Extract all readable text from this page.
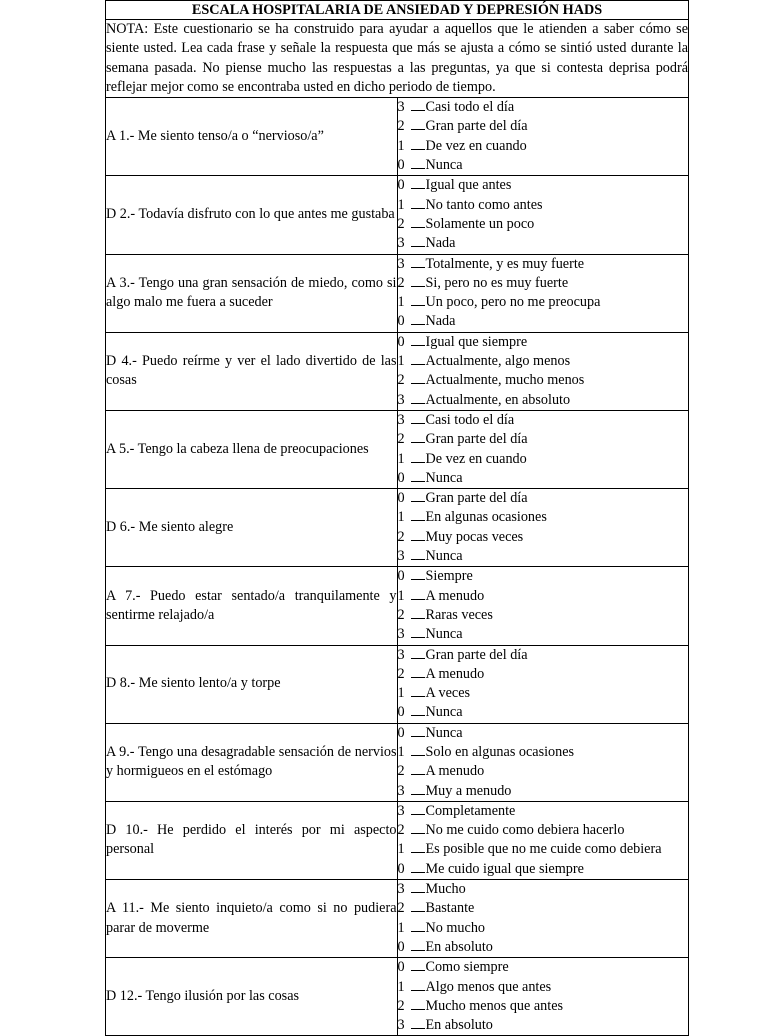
ESCALA HOSPITALARIA DE ANSIEDAD Y DEPRESIÓN HADS	
NOTA: Este cuestionario se ha construido para ayudar a aquellos que le atienden a saber cómo se siente usted. Lea cada frase y señale la respuesta que más se ajusta a cómo se sintió usted durante la semana pasada. No piense mucho las respuestas a las preguntas, ya que si contesta deprisa podrá reflejar mejor como se encontraba usted en dicho periodo de tiempo.	
A 1.- Me siento tenso/a o “nervioso/a”	3 Casi todo el día
2 Gran parte del día
1 De vez en cuando
0 Nunca

D 2.- Todavía disfruto con lo que antes me gustaba	0 Igual que antes
1 No tanto como antes
2 Solamente un poco
3 Nada

A 3.- Tengo una gran sensación de miedo, como si algo malo me fuera a suceder	3 Totalmente, y es muy fuerte
2 Si, pero no es muy fuerte
1 Un poco, pero no me preocupa
0 Nada

D 4.- Puedo reírme y ver el lado divertido de las cosas	0 Igual que siempre
1 Actualmente, algo menos
2 Actualmente, mucho menos
3 Actualmente, en absoluto

A 5.- Tengo la cabeza llena de preocupaciones	3 Casi todo el día
2 Gran parte del día
1 De vez en cuando
0 Nunca

D 6.- Me siento alegre	0 Gran parte del día
1 En algunas ocasiones
2 Muy pocas veces
3 Nunca

A 7.- Puedo estar sentado/a tranquilamente y sentirme relajado/a	0 Siempre
1 A menudo
2 Raras veces
3 Nunca

D 8.- Me siento lento/a y torpe	3 Gran parte del día
2 A menudo
1 A veces
0 Nunca

A 9.- Tengo una desagradable sensación de nervios y hormigueos en el estómago	0 Nunca
1 Solo en algunas ocasiones
2 A menudo
3 Muy a menudo

D 10.- He perdido el interés por mi aspecto personal	3 Completamente
2 No me cuido como debiera hacerlo
1 Es posible que no me cuide como debiera
0 Me cuido igual que siempre

A 11.- Me siento inquieto/a como si no pudiera parar de moverme	3 Mucho
2 Bastante
1 No mucho
0 En absoluto

D 12.- Tengo ilusión por las cosas	0 Como siempre
1 Algo menos que antes
2 Mucho menos que antes
3 En absoluto
